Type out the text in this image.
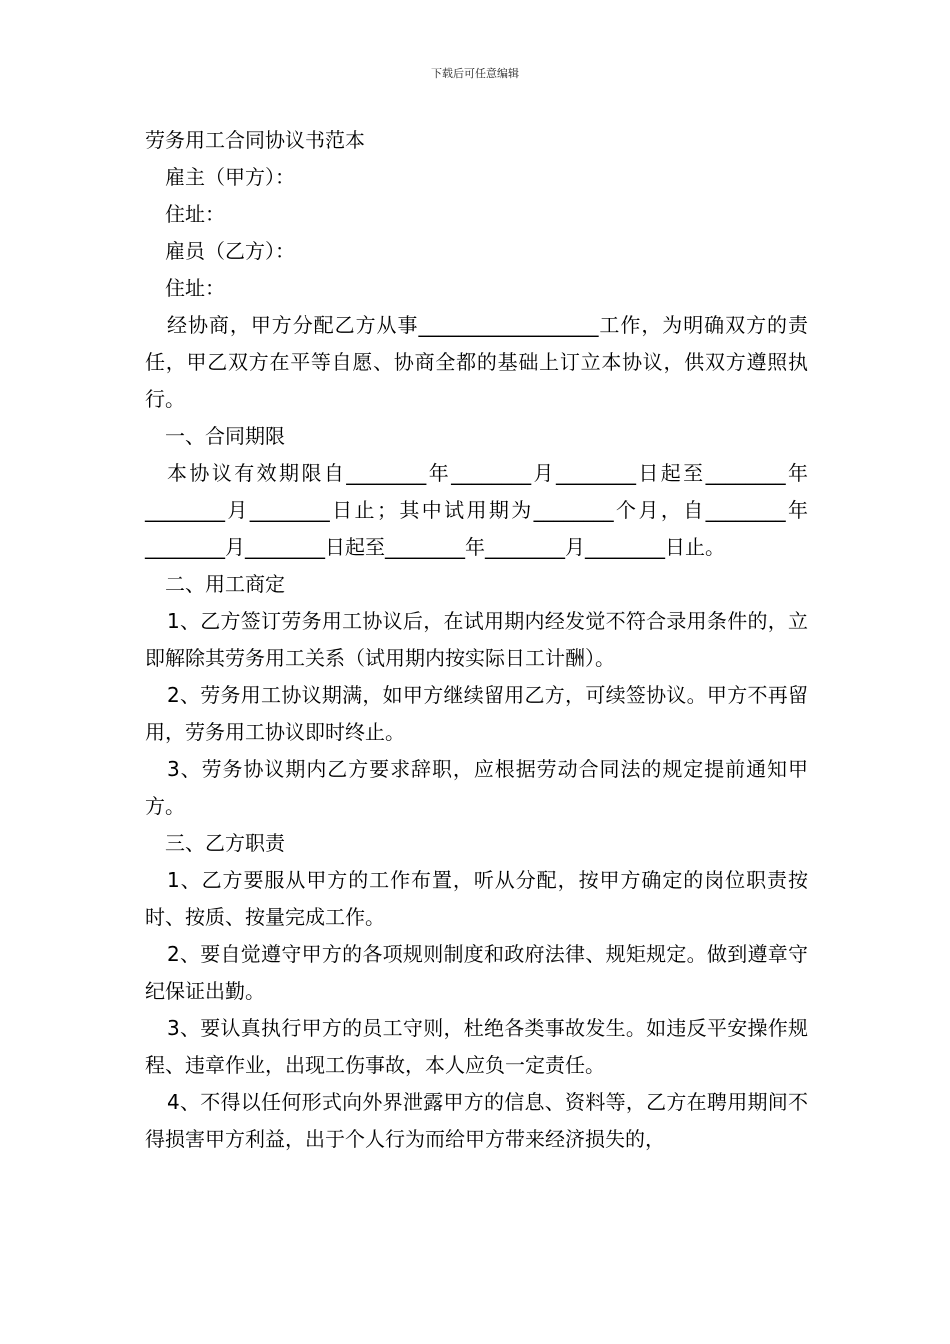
下载后可任意编辑

劳务用工合同协议书范本

雇主（甲方）：

住址：

雇员（乙方）：

住址：

经协商，甲方分配乙方从事__________________工作，为明确双方的责任，甲乙双方在平等自愿、协商全都的基础上订立本协议，供双方遵照执行。

一、合同期限

本协议有效期限自________年________月________日起至________年________月________日止；其中试用期为________个月，自________年________月________日起至________年________月________日止。

二、用工商定

1、乙方签订劳务用工协议后，在试用期内经发觉不符合录用条件的，立即解除其劳务用工关系（试用期内按实际日工计酬）。

2、劳务用工协议期满，如甲方继续留用乙方，可续签协议。甲方不再留用，劳务用工协议即时终止。

3、劳务协议期内乙方要求辞职，应根据劳动合同法的规定提前通知甲方。

三、乙方职责

1、乙方要服从甲方的工作布置，听从分配，按甲方确定的岗位职责按时、按质、按量完成工作。

2、要自觉遵守甲方的各项规则制度和政府法律、规矩规定。做到遵章守纪保证出勤。

3、要认真执行甲方的员工守则，杜绝各类事故发生。如违反平安操作规程、违章作业，出现工伤事故，本人应负一定责任。

4、不得以任何形式向外界泄露甲方的信息、资料等，乙方在聘用期间不得损害甲方利益，出于个人行为而给甲方带来经济损失的，
